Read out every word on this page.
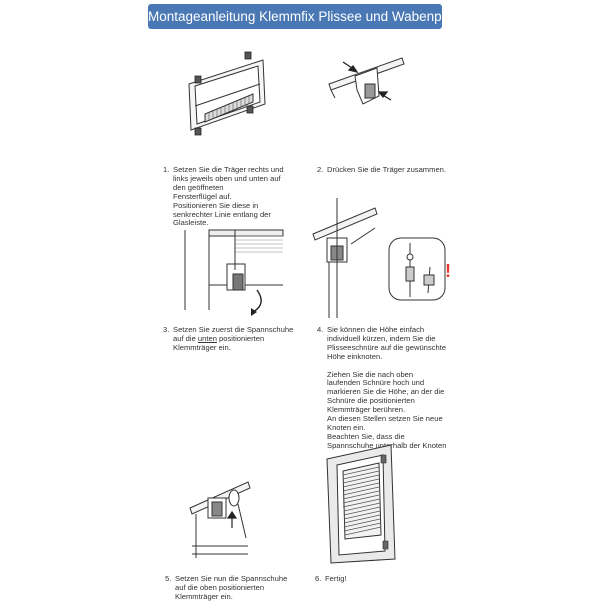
Montageanleitung Klemmfix Plissee und Wabenplissee
1. Setzen Sie die Träger rechts und
links jeweils oben und unten auf
den geöffneten
Fensterflügel auf.
Positionieren Sie diese in
senkrechter Linie entlang der
Glasleiste.
2. Drücken Sie die Träger zusammen.
3. Setzen Sie zuerst die Spannschuhe
auf die unten positionierten
Klemmträger ein.
!
4. Sie können die Höhe einfach
individuell kürzen, indem Sie die
Plisseeschnüre auf die gewünschte
Höhe einknoten.
Ziehen Sie die nach oben
laufenden Schnüre hoch und
markieren Sie die Höhe, an der die
Schnüre die positionierten
Klemmträger berühren.
An diesen Stellen setzen Sie neue
Knoten ein.
Beachten Sie, dass die
Spannschuhe unterhalb der Knoten
5. Setzen Sie nun die Spannschuhe
auf die oben positionierten
Klemmträger ein.
6. Fertig!
